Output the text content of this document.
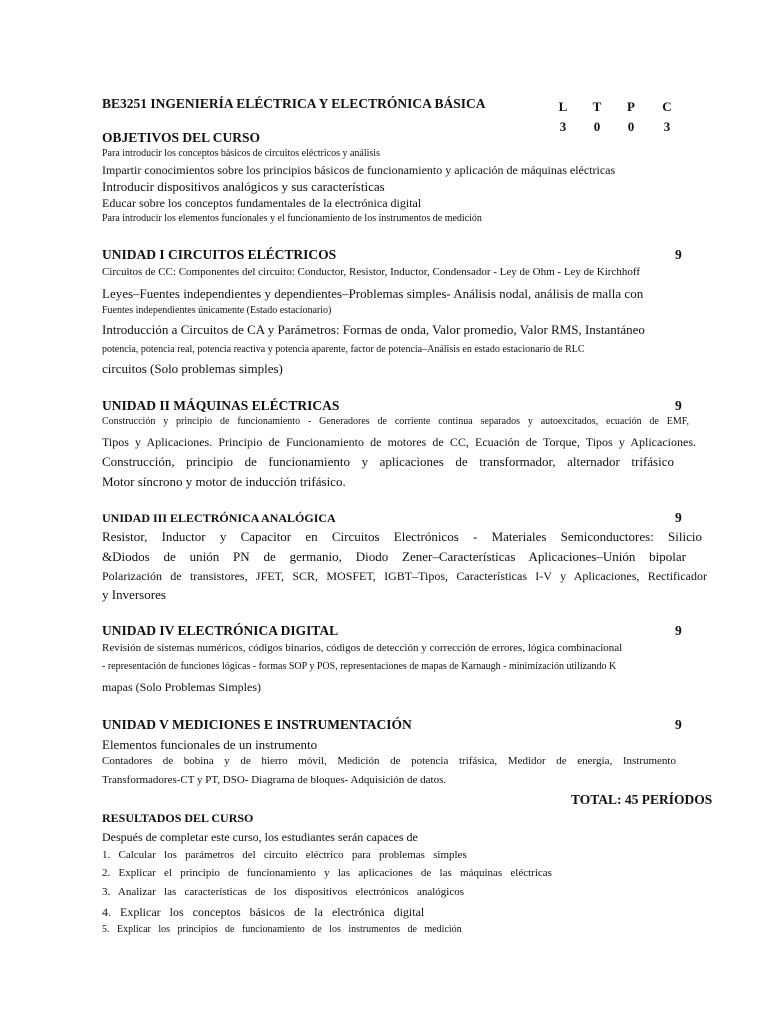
BE3251 INGENIERÍA ELÉCTRICA Y ELECTRÓNICA BÁSICA	L T P C
3 0 0 3
OBJETIVOS DEL CURSO
Para introducir los conceptos básicos de circuitos eléctricos y análisis
Impartir conocimientos sobre los principios básicos de funcionamiento y aplicación de máquinas eléctricas
Introducir dispositivos analógicos y sus características
Educar sobre los conceptos fundamentales de la electrónica digital
Para introducir los elementos funcionales y el funcionamiento de los instrumentos de medición
UNIDAD I CIRCUITOS ELÉCTRICOS	9
Circuitos de CC: Componentes del circuito: Conductor, Resistor, Inductor, Condensador - Ley de Ohm - Ley de Kirchhoff
Leyes–Fuentes independientes y dependientes–Problemas simples- Análisis nodal, análisis de malla con
Fuentes independientes únicamente (Estado estacionario)
Introducción a Circuitos de CA y Parámetros: Formas de onda, Valor promedio, Valor RMS, Instantáneo
potencia, potencia real, potencia reactiva y potencia aparente, factor de potencia–Análisis en estado estacionario de RLC
circuitos (Solo problemas simples)
UNIDAD II MÁQUINAS ELÉCTRICAS	9
Construcción y principio de funcionamiento - Generadores de corriente continua separados y autoexcitados, ecuación de EMF,
Tipos y Aplicaciones. Principio de Funcionamiento de motores de CC, Ecuación de Torque, Tipos y Aplicaciones.
Construcción, principio de funcionamiento y aplicaciones de transformador, alternador trifásico
Motor síncrono y motor de inducción trifásico.
UNIDAD III ELECTRÓNICA ANALÓGICA	9
Resistor, Inductor y Capacitor en Circuitos Electrónicos - Materiales Semiconductores: Silicio
&Diodos de unión PN de germanio, Diodo Zener–Características Aplicaciones–Unión bipolar
Polarización de transistores, JFET, SCR, MOSFET, IGBT–Tipos, Características I-V y Aplicaciones, Rectificador
y Inversores
UNIDAD IV ELECTRÓNICA DIGITAL	9
Revisión de sistemas numéricos, códigos binarios, códigos de detección y corrección de errores, lógica combinacional
- representación de funciones lógicas - formas SOP y POS, representaciones de mapas de Karnaugh - minimización utilizando K
mapas (Solo Problemas Simples)
UNIDAD V MEDICIONES E INSTRUMENTACIÓN	9
Elementos funcionales de un instrumento
Contadores de bobina y de hierro móvil, Medición de potencia trifásica, Medidor de energía, Instrumento
Transformadores-CT y PT, DSO- Diagrama de bloques- Adquisición de datos.
TOTAL: 45 PERÍODOS
RESULTADOS DEL CURSO
Después de completar este curso, los estudiantes serán capaces de
1.   Calcular   los   parámetros   del   circuito   eléctrico   para   problemas   simples
2.   Explicar   el   principio   de   funcionamiento   y   las   aplicaciones   de   las   máquinas   eléctricas
3.   Analizar   las   características   de   los   dispositivos   electrónicos   analógicos
4.   Explicar   los   conceptos   básicos   de   la   electrónica   digital
5.   Explicar   los   principios   de   funcionamiento   de   los   instrumentos   de   medición
